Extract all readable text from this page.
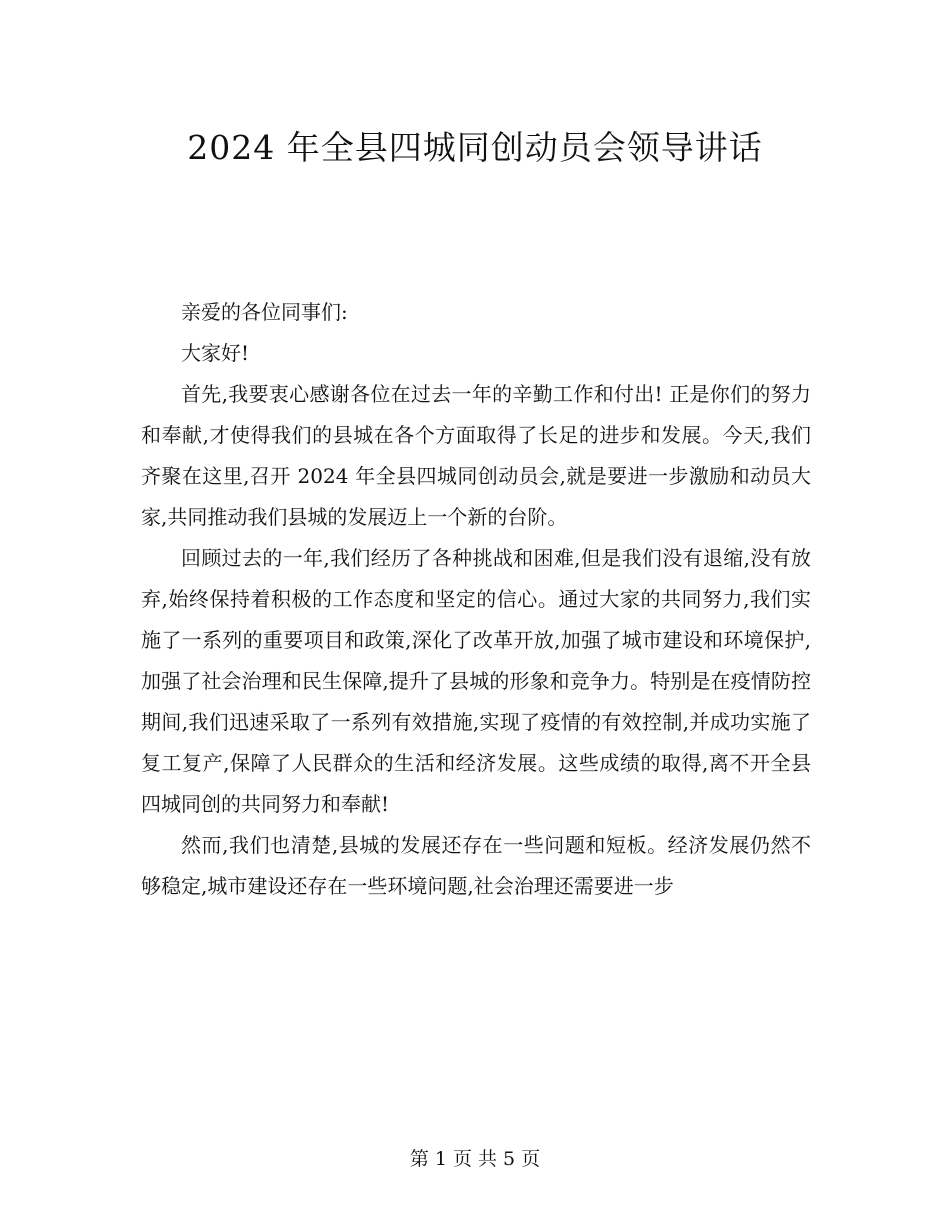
2024 年全县四城同创动员会领导讲话

亲爱的各位同事们:

大家好!

首先,我要衷心感谢各位在过去一年的辛勤工作和付出! 正是你们的努力和奉献,才使得我们的县城在各个方面取得了长足的进步和发展。今天,我们齐聚在这里,召开 2024 年全县四城同创动员会,就是要进一步激励和动员大家,共同推动我们县城的发展迈上一个新的台阶。

回顾过去的一年,我们经历了各种挑战和困难,但是我们没有退缩,没有放弃,始终保持着积极的工作态度和坚定的信心。通过大家的共同努力,我们实施了一系列的重要项目和政策,深化了改革开放,加强了城市建设和环境保护,加强了社会治理和民生保障,提升了县城的形象和竞争力。特别是在疫情防控期间,我们迅速采取了一系列有效措施,实现了疫情的有效控制,并成功实施了复工复产,保障了人民群众的生活和经济发展。这些成绩的取得,离不开全县四城同创的共同努力和奉献!

然而,我们也清楚,县城的发展还存在一些问题和短板。经济发展仍然不够稳定,城市建设还存在一些环境问题,社会治理还需要进一步

第 1 页 共 5 页
